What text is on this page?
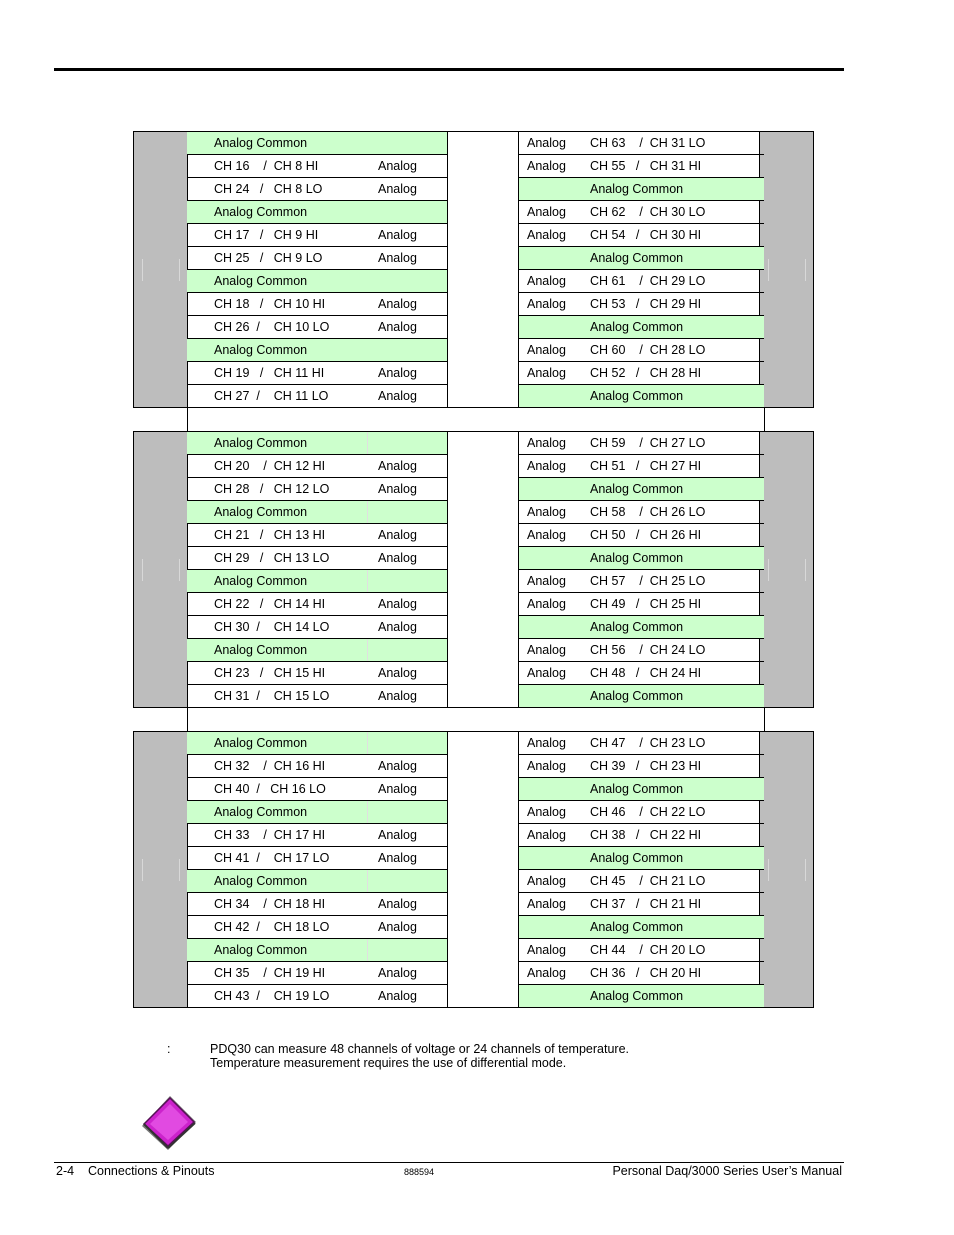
Analog Common	Analog CH 63    /  CH 31 LO
CH 16    /  CH 8 HI	Analog	Analog CH 55   /   CH 31 HI
CH 24   /   CH 8 LO	Analog	Analog Common
Analog Common	Analog CH 62    /  CH 30 LO
CH 17   /   CH 9 HI	Analog	Analog CH 54   /   CH 30 HI
CH 25   /   CH 9 LO	Analog	Analog Common
Analog Common	Analog CH 61    /  CH 29 LO
CH 18   /   CH 10 HI	Analog	Analog CH 53   /   CH 29 HI
CH 26  /    CH 10 LO	Analog	Analog Common
Analog Common	Analog CH 60    /  CH 28 LO
CH 19   /   CH 11 HI	Analog	Analog CH 52   /   CH 28 HI
CH 27  /    CH 11 LO	Analog	Analog Common
Analog Common	Analog CH 59    /  CH 27 LO
CH 20    /  CH 12 HI	Analog	Analog CH 51   /   CH 27 HI
CH 28   /   CH 12 LO	Analog	Analog Common
Analog Common	Analog CH 58    /  CH 26 LO
CH 21   /   CH 13 HI	Analog	Analog CH 50   /   CH 26 HI
CH 29   /   CH 13 LO	Analog	Analog Common
Analog Common	Analog CH 57    /  CH 25 LO
CH 22   /   CH 14 HI	Analog	Analog CH 49   /   CH 25 HI
CH 30  /    CH 14 LO	Analog	Analog Common
Analog Common	Analog CH 56    /  CH 24 LO
CH 23   /   CH 15 HI	Analog	Analog CH 48   /   CH 24 HI
CH 31  /    CH 15 LO	Analog	Analog Common
Analog Common	Analog CH 47    /  CH 23 LO
CH 32    /  CH 16 HI	Analog	Analog CH 39   /   CH 23 HI
CH 40  /   CH 16 LO	Analog	Analog Common
Analog Common	Analog CH 46    /  CH 22 LO
CH 33    /  CH 17 HI	Analog	Analog CH 38   /   CH 22 HI
CH 41  /    CH 17 LO	Analog	Analog Common
Analog Common	Analog CH 45    /  CH 21 LO
CH 34    /  CH 18 HI	Analog	Analog CH 37   /   CH 21 HI
CH 42  /    CH 18 LO	Analog	Analog Common
Analog Common	Analog CH 44    /  CH 20 LO
CH 35    /  CH 19 HI	Analog	Analog CH 36   /   CH 20 HI
CH 43  /    CH 19 LO	Analog	Analog Common
:	PDQ30 can measure 48 channels of voltage or 24 channels of temperature.
Temperature measurement requires the use of differential mode.
2-4 Connections & Pinouts	888594	Personal Daq/3000 Series User’s Manual
